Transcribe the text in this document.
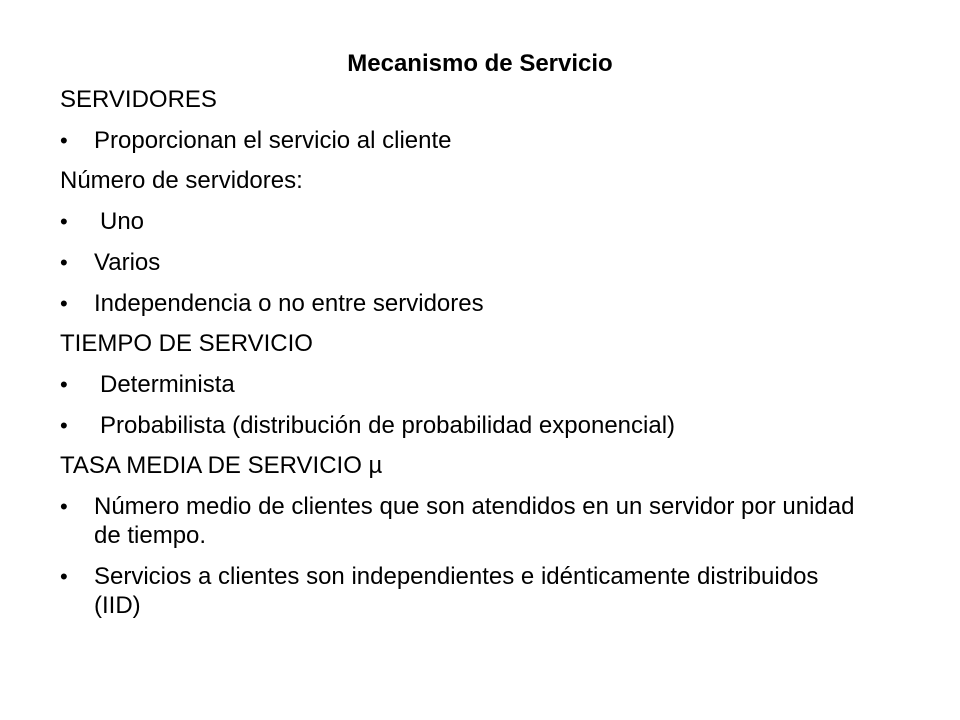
Mecanismo de Servicio
SERVIDORES
•	Proporcionan el servicio al cliente
Número de servidores:
•	Uno
•	Varios
•	Independencia o no entre servidores
TIEMPO DE SERVICIO
•	Determinista
•	Probabilista (distribución de probabilidad exponencial)
TASA MEDIA DE SERVICIO µ
•	Número medio de clientes que son atendidos en un servidor por unidad de tiempo.
•	Servicios a clientes son independientes e idénticamente distribuidos (IID)
